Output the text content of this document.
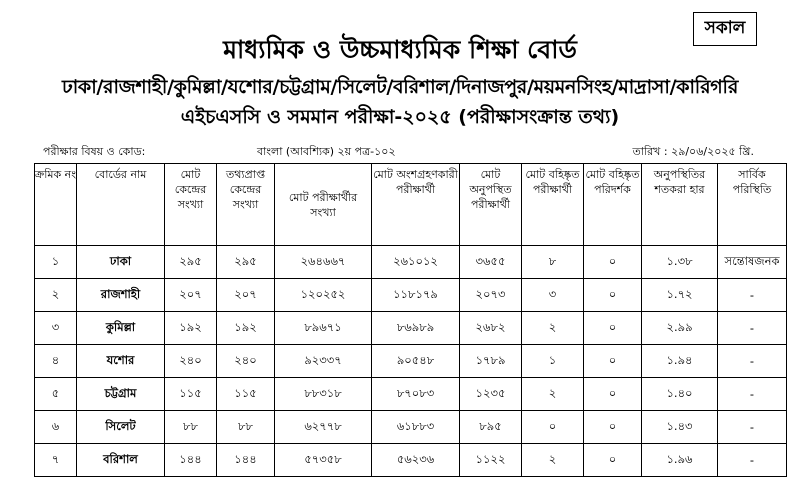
সকাল
মাধ্যমিক ও উচ্চমাধ্যমিক শিক্ষা বোর্ড
ঢাকা/রাজশাহী/কুমিল্লা/যশোর/চট্টগ্রাম/সিলেট/বরিশাল/দিনাজপুর/ময়মনসিংহ/মাদ্রাসা/কারিগরি
এইচএসসি ও সমমান পরীক্ষা-২০২৫ (পরীক্ষাসংক্রান্ত তথ্য)
পরীক্ষার বিষয় ও কোড:	বাংলা (আবশ্যিক) ২য় পত্র-১০২	তারিখ : ২৯/০৬/২০২৫ খ্রি.
ক্রমিক নং	বোর্ডের নাম	মোট কেন্দ্রের সংখ্যা	তথ্যপ্রাপ্ত কেন্দ্রের সংখ্যা	মোট পরীক্ষার্থীর সংখ্যা	মোট অংশগ্রহণকারী পরীক্ষার্থী	মোট অনুপস্থিত পরীক্ষার্থী	মোট বহিষ্কৃত পরীক্ষার্থী	মোট বহিষ্কৃত পরিদর্শক	অনুপস্থিতির শতকরা হার	সার্বিক পরিস্থিতি
১	ঢাকা	২৯৫	২৯৫	২৬৪৬৬৭	২৬১০১২	৩৬৫৫	৮	০	১.৩৮	সন্তোষজনক
২	রাজশাহী	২০৭	২০৭	১২০২৫২	১১৮১৭৯	২০৭৩	৩	০	১.৭২	-
৩	কুমিল্লা	১৯২	১৯২	৮৯৬৭১	৮৬৯৮৯	২৬৮২	২	০	২.৯৯	-
৪	যশোর	২৪০	২৪০	৯২৩৩৭	৯০৫৪৮	১৭৮৯	১	০	১.৯৪	-
৫	চট্টগ্রাম	১১৫	১১৫	৮৮৩১৮	৮৭০৮৩	১২৩৫	২	০	১.৪০	-
৬	সিলেট	৮৮	৮৮	৬২৭৭৮	৬১৮৮৩	৮৯৫	০	০	১.৪৩	-
৭	বরিশাল	১৪৪	১৪৪	৫৭৩৫৮	৫৬২৩৬	১১২২	২	০	১.৯৬	-
